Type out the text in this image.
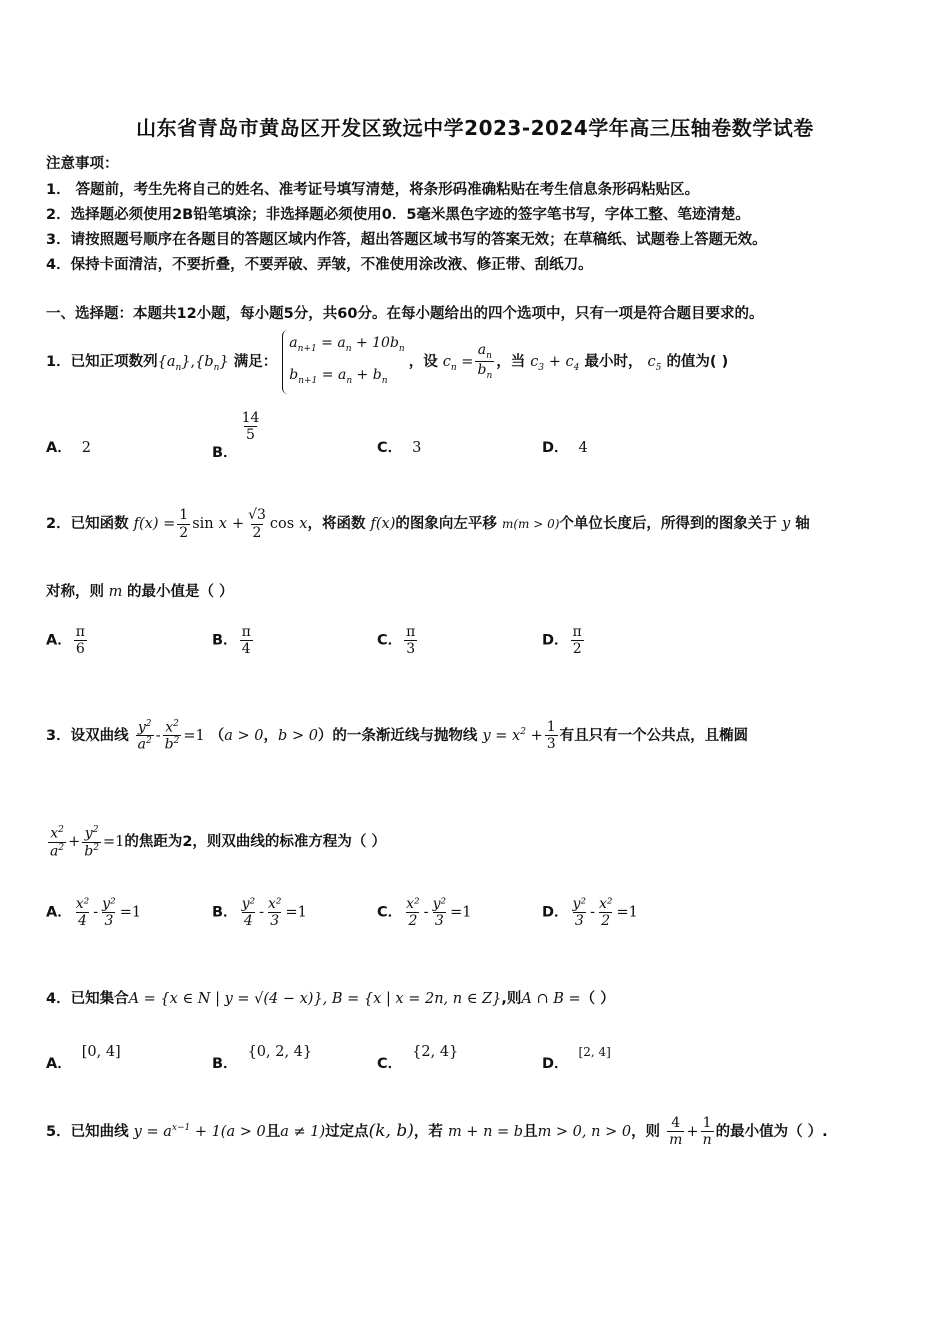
山东省青岛市黄岛区开发区致远中学2023-2024学年高三压轴卷数学试卷
注意事项：
1． 答题前，考生先将自己的姓名、准考证号填写清楚，将条形码准确粘贴在考生信息条形码粘贴区。
2．选择题必须使用2B铅笔填涂；非选择题必须使用0．5毫米黑色字迹的签字笔书写，字体工整、笔迹清楚。
3．请按照题号顺序在各题目的答题区域内作答，超出答题区域书写的答案无效；在草稿纸、试题卷上答题无效。
4．保持卡面清洁，不要折叠，不要弄破、弄皱，不准使用涂改液、修正带、刮纸刀。
一、选择题：本题共12小题，每小题5分，共60分。在每小题给出的四个选项中，只有一项是符合题目要求的。
1．已知正项数列$\{a_n\},\{b_n\}$ 满足： $a_{n+1} = a_n + 10b_n$
$b_{n+1} = a_n + b_n$，设 $c_n = \frac{a_n}{b_n}$ ，当 $c_3 + c_4$ 最小时， $c_5$ 的值为( )
A． 2	B．
$\frac{14}{5}$
C． 3	D． 4
2．已知函数 $f(x) = \frac{1}{2}$ $\sin x + \frac{√3}{2}$ cos x，将函数 f(x)的图象向左平移 m(m > 0)个单位长度后，所得到的图象关于 y 轴
对称，则 m 的最小值是（ ）
A． $\frac{\pi}{6}$	B． $\frac{\pi}{4}$	C． $\frac{\pi}{3}$	D． $\frac{\pi}{2}$
3．设双曲线 $\frac{y^2}{a^2} - \frac{x^2}{b^2} =1$ （a > 0，b > 0）的一条渐近线与抛物线 $y = x^2 + \frac{1}{3}$ 有且只有一个公共点，且椭圆
$\frac{x^2}{a^2} + \frac{y^2}{b^2} =1$的焦距为2，则双曲线的标准方程为（ ）
A． $\frac{\text{x²}}{4} - \frac{\text{y²}}{3} =1$	B． $\frac{\text{y²}}{4} - \frac{\text{x²}}{3} =1$	C． $\frac{\text{x²}}{2} - \frac{\text{y²}}{3} =1$	D． $\frac{\text{y²}}{3} - \frac{\text{x²}}{2} =1$
4．已知集合A = {x ∈ N | y = √(4 − x)}, B = {x | x = 2n, n ∈ Z},则A ∩ B =（ ）
A．[0, 4]
B．{0, 2, 4}
C．{2, 4}
D．[2, 4]
5．已知曲线 $y = a^{x-1} + 1(a > 0$且a ≠ 1)过定点(k, b)，若 m + n = b且m > 0, n > 0，则 $\frac{4}{m} + \frac{1}{n}$ 的最小值为（ ）.
